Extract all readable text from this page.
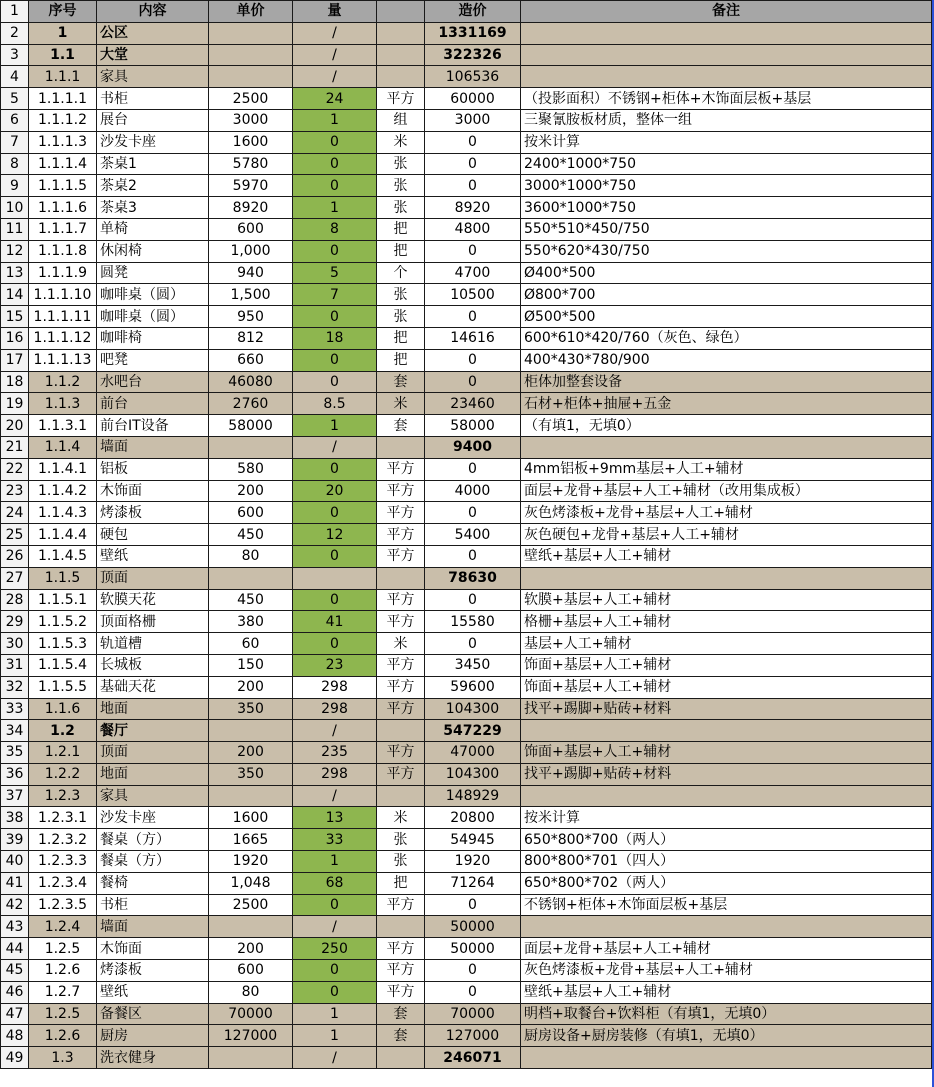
1	序号	内容	单价	量		造价	备注
2	1	公区		/		1331169	
3	1.1	大堂		/		322326	
4	1.1.1	家具		/		106536	
5	1.1.1.1	书柜	2500	24	平方	60000	（投影面积）不锈钢+柜体+木饰面层板+基层
6	1.1.1.2	展台	3000	1	组	3000	三聚氰胺板材质，整体一组
7	1.1.1.3	沙发卡座	1600	0	米	0	按米计算
8	1.1.1.4	茶桌1	5780	0	张	0	2400*1000*750
9	1.1.1.5	茶桌2	5970	0	张	0	3000*1000*750
10	1.1.1.6	茶桌3	8920	1	张	8920	3600*1000*750
11	1.1.1.7	单椅	600	8	把	4800	550*510*450/750
12	1.1.1.8	休闲椅	1,000	0	把	0	550*620*430/750
13	1.1.1.9	圆凳	940	5	个	4700	Ø400*500
14	1.1.1.10	咖啡桌（圆）	1,500	7	张	10500	Ø800*700
15	1.1.1.11	咖啡桌（圆）	950	0	张	0	Ø500*500
16	1.1.1.12	咖啡椅	812	18	把	14616	600*610*420/760（灰色、绿色）
17	1.1.1.13	吧凳	660	0	把	0	400*430*780/900
18	1.1.2	水吧台	46080	0	套	0	柜体加整套设备
19	1.1.3	前台	2760	8.5	米	23460	石材+柜体+抽屉+五金
20	1.1.3.1	前台IT设备	58000	1	套	58000	（有填1，无填0）
21	1.1.4	墙面		/		9400	
22	1.1.4.1	铝板	580	0	平方	0	4mm铝板+9mm基层+人工+辅材
23	1.1.4.2	木饰面	200	20	平方	4000	面层+龙骨+基层+人工+辅材（改用集成板）
24	1.1.4.3	烤漆板	600	0	平方	0	灰色烤漆板+龙骨+基层+人工+辅材
25	1.1.4.4	硬包	450	12	平方	5400	灰色硬包+龙骨+基层+人工+辅材
26	1.1.4.5	壁纸	80	0	平方	0	壁纸+基层+人工+辅材
27	1.1.5	顶面				78630	
28	1.1.5.1	软膜天花	450	0	平方	0	软膜+基层+人工+辅材
29	1.1.5.2	顶面格栅	380	41	平方	15580	格栅+基层+人工+辅材
30	1.1.5.3	轨道槽	60	0	米	0	基层+人工+辅材
31	1.1.5.4	长城板	150	23	平方	3450	饰面+基层+人工+辅材
32	1.1.5.5	基础天花	200	298	平方	59600	饰面+基层+人工+辅材
33	1.1.6	地面	350	298	平方	104300	找平+踢脚+贴砖+材料
34	1.2	餐厅		/		547229	
35	1.2.1	顶面	200	235	平方	47000	饰面+基层+人工+辅材
36	1.2.2	地面	350	298	平方	104300	找平+踢脚+贴砖+材料
37	1.2.3	家具		/		148929	
38	1.2.3.1	沙发卡座	1600	13	米	20800	按米计算
39	1.2.3.2	餐桌（方）	1665	33	张	54945	650*800*700（两人）
40	1.2.3.3	餐桌（方）	1920	1	张	1920	800*800*701（四人）
41	1.2.3.4	餐椅	1,048	68	把	71264	650*800*702（两人）
42	1.2.3.5	书柜	2500	0	平方	0	不锈钢+柜体+木饰面层板+基层
43	1.2.4	墙面		/		50000	
44	1.2.5	木饰面	200	250	平方	50000	面层+龙骨+基层+人工+辅材
45	1.2.6	烤漆板	600	0	平方	0	灰色烤漆板+龙骨+基层+人工+辅材
46	1.2.7	壁纸	80	0	平方	0	壁纸+基层+人工+辅材
47	1.2.5	备餐区	70000	1	套	70000	明档+取餐台+饮料柜（有填1，无填0）
48	1.2.6	厨房	127000	1	套	127000	厨房设备+厨房装修（有填1，无填0）
49	1.3	洗衣健身		/		246071	
